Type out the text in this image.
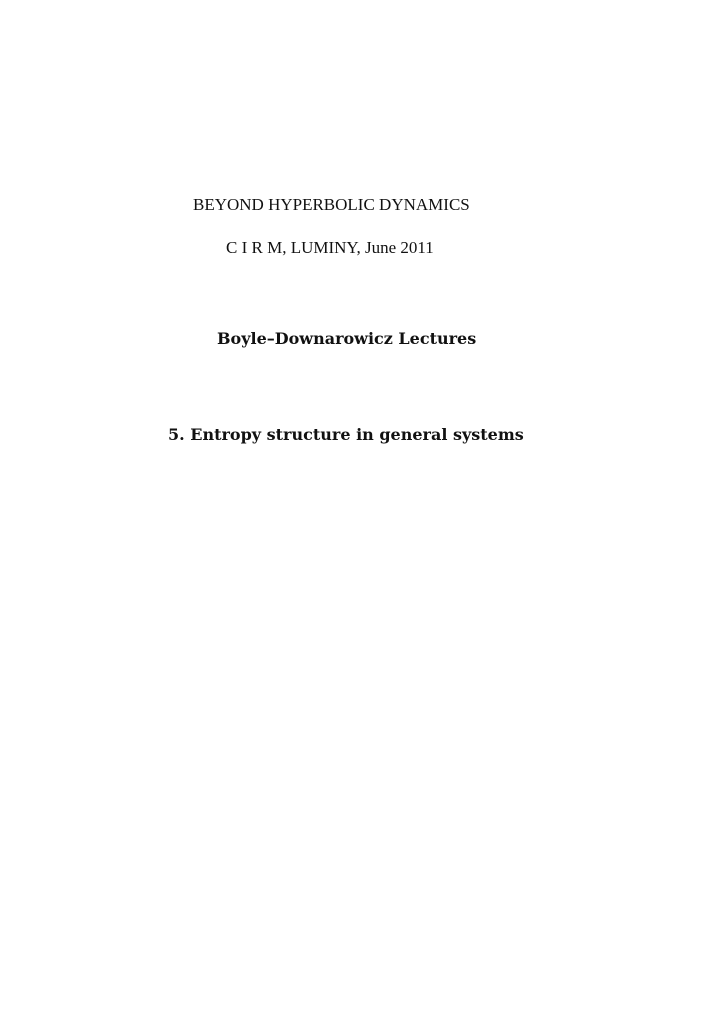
BEYOND HYPERBOLIC DYNAMICS
C I R M, LUMINY, June 2011
Boyle–Downarowicz Lectures
5. Entropy structure in general systems
